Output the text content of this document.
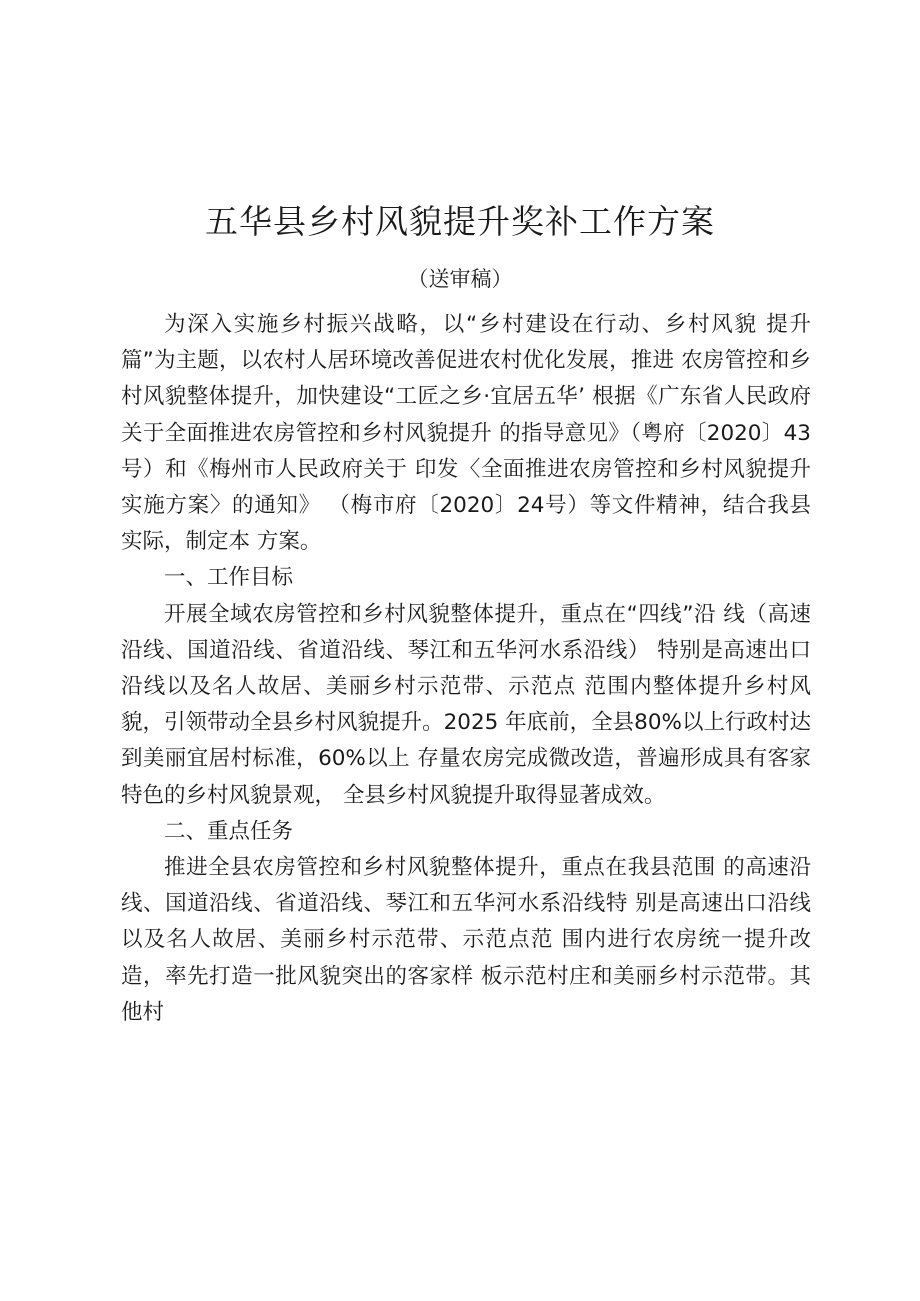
五华县乡村风貌提升奖补工作方案
（送审稿）

为深入实施乡村振兴战略，以“乡村建设在行动、乡村风貌 提升篇”为主题，以农村人居环境改善促进农村优化发展，推进 农房管控和乡村风貌整体提升，加快建设“工匠之乡·宜居五华’ 根据《广东省人民政府关于全面推进农房管控和乡村风貌提升 的指导意见》（粤府〔2020〕43号）和《梅州市人民政府关于 印发〈全面推进农房管控和乡村风貌提升实施方案〉的通知》 （梅市府〔2020〕24号）等文件精神，结合我县实际，制定本 方案。

一、工作目标

开展全域农房管控和乡村风貌整体提升，重点在“四线”沿 线（高速沿线、国道沿线、省道沿线、琴江和五华河水系沿线） 特别是高速出口沿线以及名人故居、美丽乡村示范带、示范点 范围内整体提升乡村风貌，引领带动全县乡村风貌提升。2025 年底前，全县80%以上行政村达到美丽宜居村标准，60%以上 存量农房完成微改造，普遍形成具有客家特色的乡村风貌景观， 全县乡村风貌提升取得显著成效。

二、重点任务

推进全县农房管控和乡村风貌整体提升，重点在我县范围 的高速沿线、国道沿线、省道沿线、琴江和五华河水系沿线特 别是高速出口沿线以及名人故居、美丽乡村示范带、示范点范 围内进行农房统一提升改造，率先打造一批风貌突出的客家样 板示范村庄和美丽乡村示范带。其他村
